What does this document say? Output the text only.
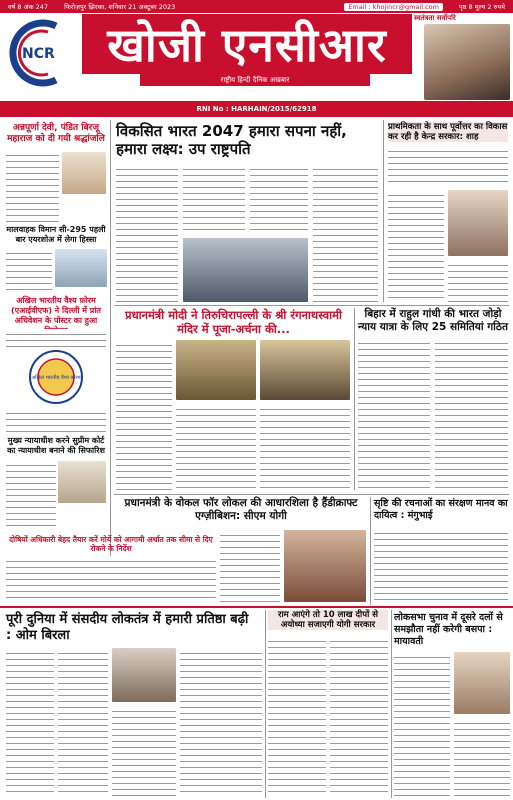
वर्ष 8 अंक 247 फिरोज़पुर झिरका, शनिवार 21 अक्टूबर 2023	Email : khojincr@gmail.com	पृष्ठ 8 मूल्य 2 रुपये
NCR	खोजी एनसीआर
राष्ट्रीय हिन्दी दैनिक अखबार
स्वतंत्रता सर्वोपरि
RNI No : HARHAIN/2015/62918
अन्नपूर्णा देवी, पंडित बिरजू महाराज को दी गयी श्रद्धांजलि
मालवाहक विमान सी-295 पहली बार एयरशोअ में लेगा हिस्सा
अखिल भारतीय वैश्य फ़ोरम (एआईवीएफ) ने दिल्ली में प्रांत अधिवेशन के पोस्टर का हुआ
अखिल भारतीय वैश्य फ़ोरम
मुख्य न्यायाधीश करने सुप्रीम कोर्ट का न्यायाधीश बनाने की सिफारिश
दोषियों अधिकारी बेहद तैयार करें मोर्ये को आगामी अर्थात तक सीमा से दिए रोकने के निर्देश
विकसित भारत 2047 हमारा सपना नहीं, हमारा लक्ष्य: उप राष्ट्रपति
प्राथमिकता के साथ पूर्वोत्तर का विकास कर रही है केन्द्र सरकार: शाह
प्रधानमंत्री मोदी ने तिरुचिरापल्ली के श्री रंगनाथस्वामी मंदिर में पूजा-अर्चना की...
बिहार में राहुल गांधी की भारत जोड़ो न्याय यात्रा के लिए 25 समितियां गठित
प्रधानमंत्री के वोकल फॉर लोकल की आधारशिला है हैंडीक्राफ्ट एग्ज़ीबिशन: सीएम योगी
सृष्टि की रचनाओं का संरक्षण मानव का दायित्व : मंगुभाई
पूरी दुनिया में संसदीय लोकतंत्र में हमारी प्रतिष्ठा बढ़ी : ओम बिरला
राम आएंगे तो 10 लाख दीपों से अयोध्या सजाएगी योगी सरकार
लोकसभा चुनाव में दूसरे दलों से समझौता नहीं करेगी बसपा : मायावती
